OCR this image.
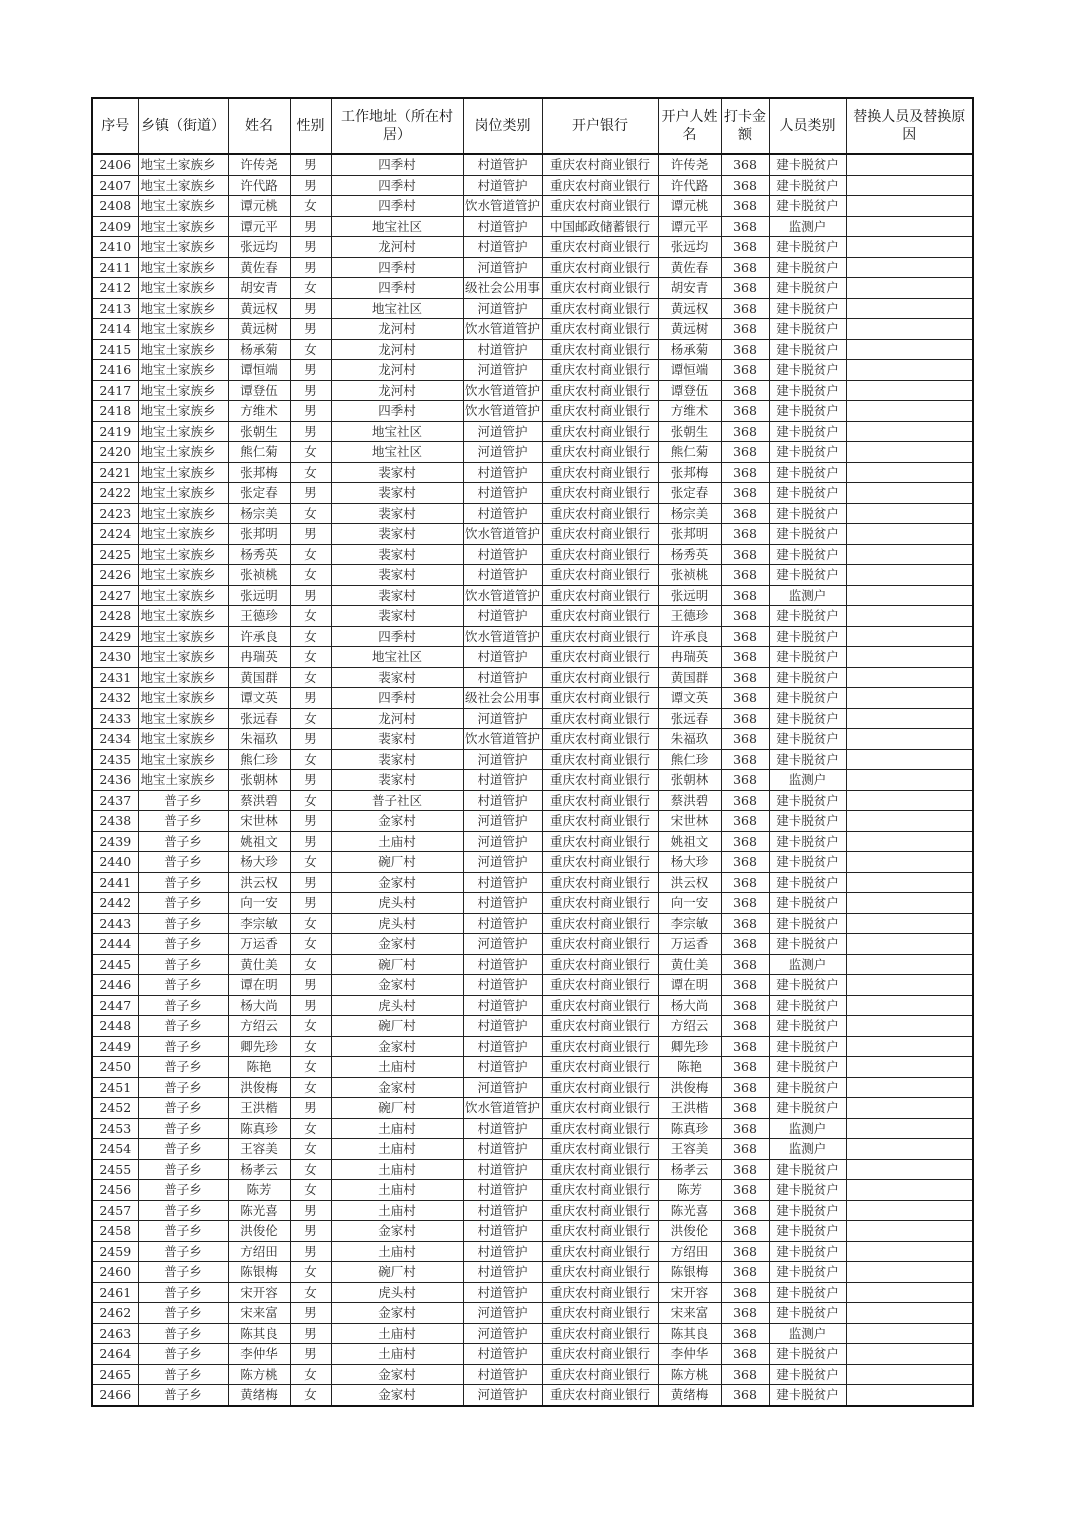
序号	乡镇（街道）	姓名	性别	工作地址（所在村居）	岗位类别	开户银行	开户人姓名	打卡金额	人员类别	替换人员及替换原因
2406	地宝土家族乡	许传尧	男	四季村	村道管护	重庆农村商业银行	许传尧	368	建卡脱贫户	
2407	地宝土家族乡	许代路	男	四季村	村道管护	重庆农村商业银行	许代路	368	建卡脱贫户	
2408	地宝土家族乡	谭元桃	女	四季村	饮水管道管护	重庆农村商业银行	谭元桃	368	建卡脱贫户	
2409	地宝土家族乡	谭元平	男	地宝社区	村道管护	中国邮政储蓄银行	谭元平	368	监测户	
2410	地宝土家族乡	张远均	男	龙河村	村道管护	重庆农村商业银行	张远均	368	建卡脱贫户	
2411	地宝土家族乡	黄佐春	男	四季村	河道管护	重庆农村商业银行	黄佐春	368	建卡脱贫户	
2412	地宝土家族乡	胡安青	女	四季村	级社会公用事	重庆农村商业银行	胡安青	368	建卡脱贫户	
2413	地宝土家族乡	黄远权	男	地宝社区	河道管护	重庆农村商业银行	黄远权	368	建卡脱贫户	
2414	地宝土家族乡	黄远树	男	龙河村	饮水管道管护	重庆农村商业银行	黄远树	368	建卡脱贫户	
2415	地宝土家族乡	杨承菊	女	龙河村	村道管护	重庆农村商业银行	杨承菊	368	建卡脱贫户	
2416	地宝土家族乡	谭恒端	男	龙河村	河道管护	重庆农村商业银行	谭恒端	368	建卡脱贫户	
2417	地宝土家族乡	谭登伍	男	龙河村	饮水管道管护	重庆农村商业银行	谭登伍	368	建卡脱贫户	
2418	地宝土家族乡	方维术	男	四季村	饮水管道管护	重庆农村商业银行	方维术	368	建卡脱贫户	
2419	地宝土家族乡	张朝生	男	地宝社区	河道管护	重庆农村商业银行	张朝生	368	建卡脱贫户	
2420	地宝土家族乡	熊仁菊	女	地宝社区	河道管护	重庆农村商业银行	熊仁菊	368	建卡脱贫户	
2421	地宝土家族乡	张邦梅	女	裴家村	村道管护	重庆农村商业银行	张邦梅	368	建卡脱贫户	
2422	地宝土家族乡	张定春	男	裴家村	村道管护	重庆农村商业银行	张定春	368	建卡脱贫户	
2423	地宝土家族乡	杨宗美	女	裴家村	村道管护	重庆农村商业银行	杨宗美	368	建卡脱贫户	
2424	地宝土家族乡	张邦明	男	裴家村	饮水管道管护	重庆农村商业银行	张邦明	368	建卡脱贫户	
2425	地宝土家族乡	杨秀英	女	裴家村	村道管护	重庆农村商业银行	杨秀英	368	建卡脱贫户	
2426	地宝土家族乡	张祯桃	女	裴家村	村道管护	重庆农村商业银行	张祯桃	368	建卡脱贫户	
2427	地宝土家族乡	张远明	男	裴家村	饮水管道管护	重庆农村商业银行	张远明	368	监测户	
2428	地宝土家族乡	王德珍	女	裴家村	村道管护	重庆农村商业银行	王德珍	368	建卡脱贫户	
2429	地宝土家族乡	许承良	女	四季村	饮水管道管护	重庆农村商业银行	许承良	368	建卡脱贫户	
2430	地宝土家族乡	冉瑞英	女	地宝社区	村道管护	重庆农村商业银行	冉瑞英	368	建卡脱贫户	
2431	地宝土家族乡	黄国群	女	裴家村	村道管护	重庆农村商业银行	黄国群	368	建卡脱贫户	
2432	地宝土家族乡	谭文英	男	四季村	级社会公用事	重庆农村商业银行	谭文英	368	建卡脱贫户	
2433	地宝土家族乡	张远春	女	龙河村	河道管护	重庆农村商业银行	张远春	368	建卡脱贫户	
2434	地宝土家族乡	朱福玖	男	裴家村	饮水管道管护	重庆农村商业银行	朱福玖	368	建卡脱贫户	
2435	地宝土家族乡	熊仁珍	女	裴家村	河道管护	重庆农村商业银行	熊仁珍	368	建卡脱贫户	
2436	地宝土家族乡	张朝林	男	裴家村	村道管护	重庆农村商业银行	张朝林	368	监测户	
2437	普子乡	蔡洪碧	女	普子社区	村道管护	重庆农村商业银行	蔡洪碧	368	建卡脱贫户	
2438	普子乡	宋世林	男	金家村	河道管护	重庆农村商业银行	宋世林	368	建卡脱贫户	
2439	普子乡	姚祖文	男	土庙村	河道管护	重庆农村商业银行	姚祖文	368	建卡脱贫户	
2440	普子乡	杨大珍	女	碗厂村	河道管护	重庆农村商业银行	杨大珍	368	建卡脱贫户	
2441	普子乡	洪云权	男	金家村	村道管护	重庆农村商业银行	洪云权	368	建卡脱贫户	
2442	普子乡	向一安	男	虎头村	村道管护	重庆农村商业银行	向一安	368	建卡脱贫户	
2443	普子乡	李宗敏	女	虎头村	村道管护	重庆农村商业银行	李宗敏	368	建卡脱贫户	
2444	普子乡	万运香	女	金家村	河道管护	重庆农村商业银行	万运香	368	建卡脱贫户	
2445	普子乡	黄仕美	女	碗厂村	村道管护	重庆农村商业银行	黄仕美	368	监测户	
2446	普子乡	谭在明	男	金家村	村道管护	重庆农村商业银行	谭在明	368	建卡脱贫户	
2447	普子乡	杨大尚	男	虎头村	村道管护	重庆农村商业银行	杨大尚	368	建卡脱贫户	
2448	普子乡	方绍云	女	碗厂村	村道管护	重庆农村商业银行	方绍云	368	建卡脱贫户	
2449	普子乡	卿先珍	女	金家村	村道管护	重庆农村商业银行	卿先珍	368	建卡脱贫户	
2450	普子乡	陈艳	女	土庙村	村道管护	重庆农村商业银行	陈艳	368	建卡脱贫户	
2451	普子乡	洪俊梅	女	金家村	河道管护	重庆农村商业银行	洪俊梅	368	建卡脱贫户	
2452	普子乡	王洪楷	男	碗厂村	饮水管道管护	重庆农村商业银行	王洪楷	368	建卡脱贫户	
2453	普子乡	陈真珍	女	土庙村	村道管护	重庆农村商业银行	陈真珍	368	监测户	
2454	普子乡	王容美	女	土庙村	村道管护	重庆农村商业银行	王容美	368	监测户	
2455	普子乡	杨孝云	女	土庙村	村道管护	重庆农村商业银行	杨孝云	368	建卡脱贫户	
2456	普子乡	陈芳	女	土庙村	村道管护	重庆农村商业银行	陈芳	368	建卡脱贫户	
2457	普子乡	陈光喜	男	土庙村	村道管护	重庆农村商业银行	陈光喜	368	建卡脱贫户	
2458	普子乡	洪俊伦	男	金家村	村道管护	重庆农村商业银行	洪俊伦	368	建卡脱贫户	
2459	普子乡	方绍田	男	土庙村	村道管护	重庆农村商业银行	方绍田	368	建卡脱贫户	
2460	普子乡	陈银梅	女	碗厂村	村道管护	重庆农村商业银行	陈银梅	368	建卡脱贫户	
2461	普子乡	宋开容	女	虎头村	村道管护	重庆农村商业银行	宋开容	368	建卡脱贫户	
2462	普子乡	宋来富	男	金家村	河道管护	重庆农村商业银行	宋来富	368	建卡脱贫户	
2463	普子乡	陈其良	男	土庙村	河道管护	重庆农村商业银行	陈其良	368	监测户	
2464	普子乡	李仲华	男	土庙村	村道管护	重庆农村商业银行	李仲华	368	建卡脱贫户	
2465	普子乡	陈方桃	女	金家村	村道管护	重庆农村商业银行	陈方桃	368	建卡脱贫户	
2466	普子乡	黄绪梅	女	金家村	河道管护	重庆农村商业银行	黄绪梅	368	建卡脱贫户	
